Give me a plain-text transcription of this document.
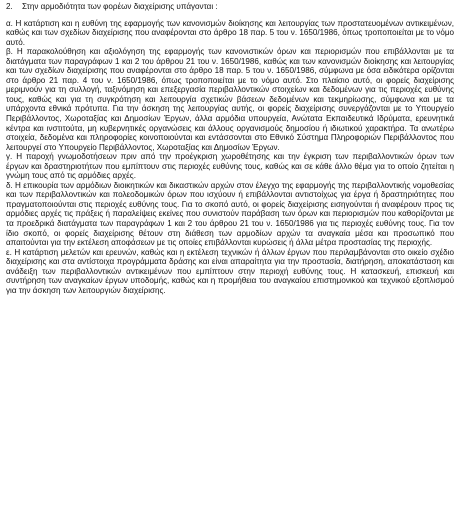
2.	Στην αρμοδιότητα των φορέων διαχείρισης υπάγονται :

α. Η κατάρτιση και η ευθύνη της εφαρμογής των κανονισμών διοίκησης και λειτουργίας των προστατευομένων αντικειμένων, καθώς και των σχεδίων διαχείρισης που αναφέρονται στο άρθρο 18 παρ. 5 του ν. 1650/1986, όπως τροποποιείται με το νόμο αυτό.

β. Η παρακολούθηση και αξιολόγηση της εφαρμογής των κανονιστικών όρων και περιορισμών που επιβάλλονται με τα διατάγματα των παραγράφων 1 και 2 του άρθρου 21 του ν. 1650/1986, καθώς και των κανονισμών διοίκησης και λειτουργίας και των σχεδίων διαχείρισης που αναφέρονται στο άρθρο 18 παρ. 5 του ν. 1650/1986, σύμφωνα με όσα ειδικότερα ορίζονται στο άρθρο 21 παρ. 4 του ν. 1650/1986, όπως τροποποιείται με το νόμο αυτό. Στο πλαίσιο αυτό, οι φορείς διαχείρισης μεριμνούν για τη συλλογή, ταξινόμηση και επεξεργασία περιβαλλοντικών στοιχείων και δεδομένων για τις περιοχές ευθύνης τους, καθώς και για τη συγκρότηση και λειτουργία σχετικών βάσεων δεδομένων και τεκμηρίωσης, σύμφωνα και με τα υπάρχοντα εθνικά πρότυπα. Για την άσκηση της λειτουργίας αυτής, οι φορείς διαχείρισης συνεργάζονται με το Υπουργείο Περιβάλλοντος, Χωροταξίας και Δημοσίων Έργων, άλλα αρμόδια υπουργεία, Ανώτατα Εκπαιδευτικά Ιδρύματα, ερευνητικά κέντρα και ινστιτούτα, μη κυβερνητικές οργανώσεις και άλλους οργανισμούς δημοσίου ή ιδιωτικού χαρακτήρα. Τα ανωτέρω στοιχεία, δεδομένα και πληροφορίες κοινοποιούνται και εντάσσονται στο Εθνικό Σύστημα Πληροφοριών Περιβάλλοντος που λειτουργεί στο Υπουργείο Περιβάλλοντος, Χωροταξίας και Δημοσίων Έργων.

γ. Η παροχή γνωμοδοτήσεων πριν από την προέγκριση χωροθέτησης και την έγκριση των περιβαλλοντικών όρων των έργων και δραστηριοτήτων που εμπίπτουν στις περιοχές ευθύνης τους, καθώς και σε κάθε άλλο θέμα για το οποίο ζητείται η γνώμη τους από τις αρμόδιες αρχές.

δ. Η επικουρία των αρμόδιων διοικητικών και δικαστικών αρχών στον έλεγχο της εφαρμογής της περιβαλλοντικής νομοθεσίας και των περιβαλλοντικών και πολεοδομικών όρων που ισχύουν ή επιβάλλονται αντιστοίχως για έργα ή δραστηριότητες που πραγματοποιούνται στις περιοχές ευθύνης τους. Για το σκοπό αυτό, οι φορείς διαχείρισης εισηγούνται ή αναφέρουν προς τις αρμόδιες αρχές τις πράξεις ή παραλείψεις εκείνες που συνιστούν παράβαση των όρων και περιορισμών που καθορίζονται με τα προεδρικά διατάγματα των παραγράφων 1 και 2 του άρθρου 21 του ν. 1650/1986 για τις περιοχές ευθύνης τους. Για τον ίδιο σκοπό, οι φορείς διαχείρισης θέτουν στη διάθεση των αρμοδίων αρχών τα αναγκαία μέσα και προσωπικό που απαιτούνται για την εκτέλεση αποφάσεων με τις οποίες επιβάλλονται κυρώσεις ή άλλα μέτρα προστασίας της περιοχής.

ε. Η κατάρτιση μελετών και ερευνών, καθώς και η εκτέλεση τεχνικών ή άλλων έργων που περιλαμβάνονται στο οικείο σχέδιο διαχείρισης και στα αντίστοιχα προγράμματα δράσης και είναι απαραίτητα για την προστασία, διατήρηση, αποκατάσταση και ανάδειξη των περιβαλλοντικών αντικειμένων που εμπίπτουν στην περιοχή ευθύνης τους. Η κατασκευή, επισκευή και συντήρηση των αναγκαίων έργων υποδομής, καθώς και η προμήθεια του αναγκαίου επιστημονικού και τεχνικού εξοπλισμού για την άσκηση των λειτουργιών διαχείρισης.
